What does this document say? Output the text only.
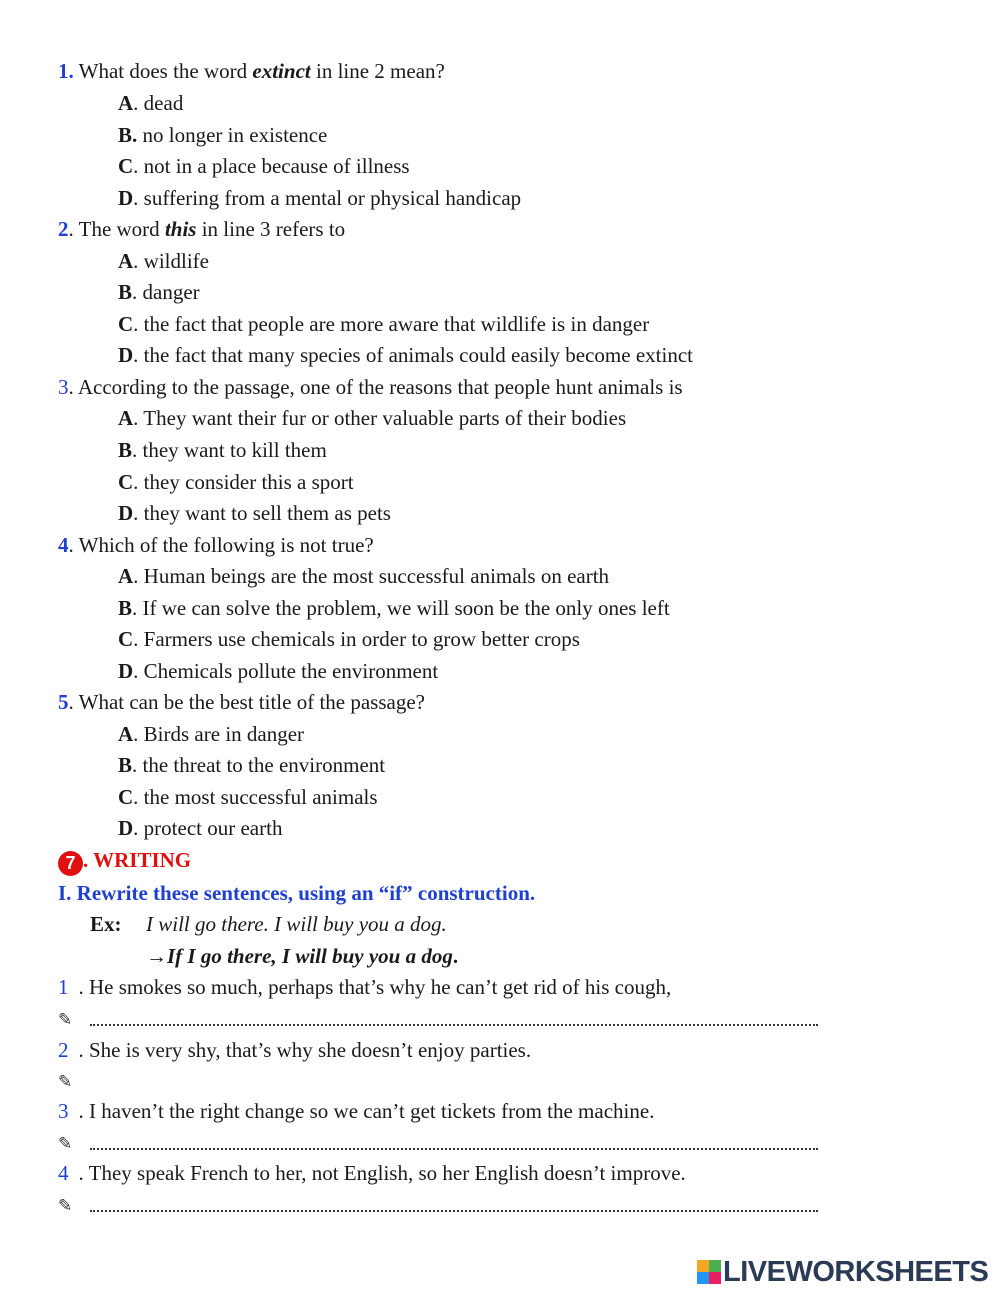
1. What does the word extinct in line 2 mean?
A. dead
B. no longer in existence
C. not in a place because of illness
D. suffering from a mental or physical handicap
2. The word this in line 3 refers to
A. wildlife
B. danger
C. the fact that people are more aware that wildlife is in danger
D. the fact that many species of animals could easily become extinct
3. According to the passage, one of the reasons that people hunt animals is
A. They want their fur or other valuable parts of their bodies
B. they want to kill them
C. they consider this a sport
D. they want to sell them as pets
4. Which of the following is not true?
A. Human beings are the most successful animals on earth
B. If we can solve the problem, we will soon be the only ones left
C. Farmers use chemicals in order to grow better crops
D. Chemicals pollute the environment
5. What can be the best title of the passage?
A. Birds are in danger
B. the threat to the environment
C. the most successful animals
D. protect our earth
7 . WRITING
I. Rewrite these sentences, using an “if” construction.
Ex: I will go there. I will buy you a dog.
→If I go there, I will buy you a dog.
1 . He smokes so much, perhaps that’s why he can’t get rid of his cough,
✎
2 . She is very shy, that’s why she doesn’t enjoy parties.
✎
3 . I haven’t the right change so we can’t get tickets from the machine.
✎
4 . They speak French to her, not English, so her English doesn’t improve.
✎
LIVEWORKSHEETS
